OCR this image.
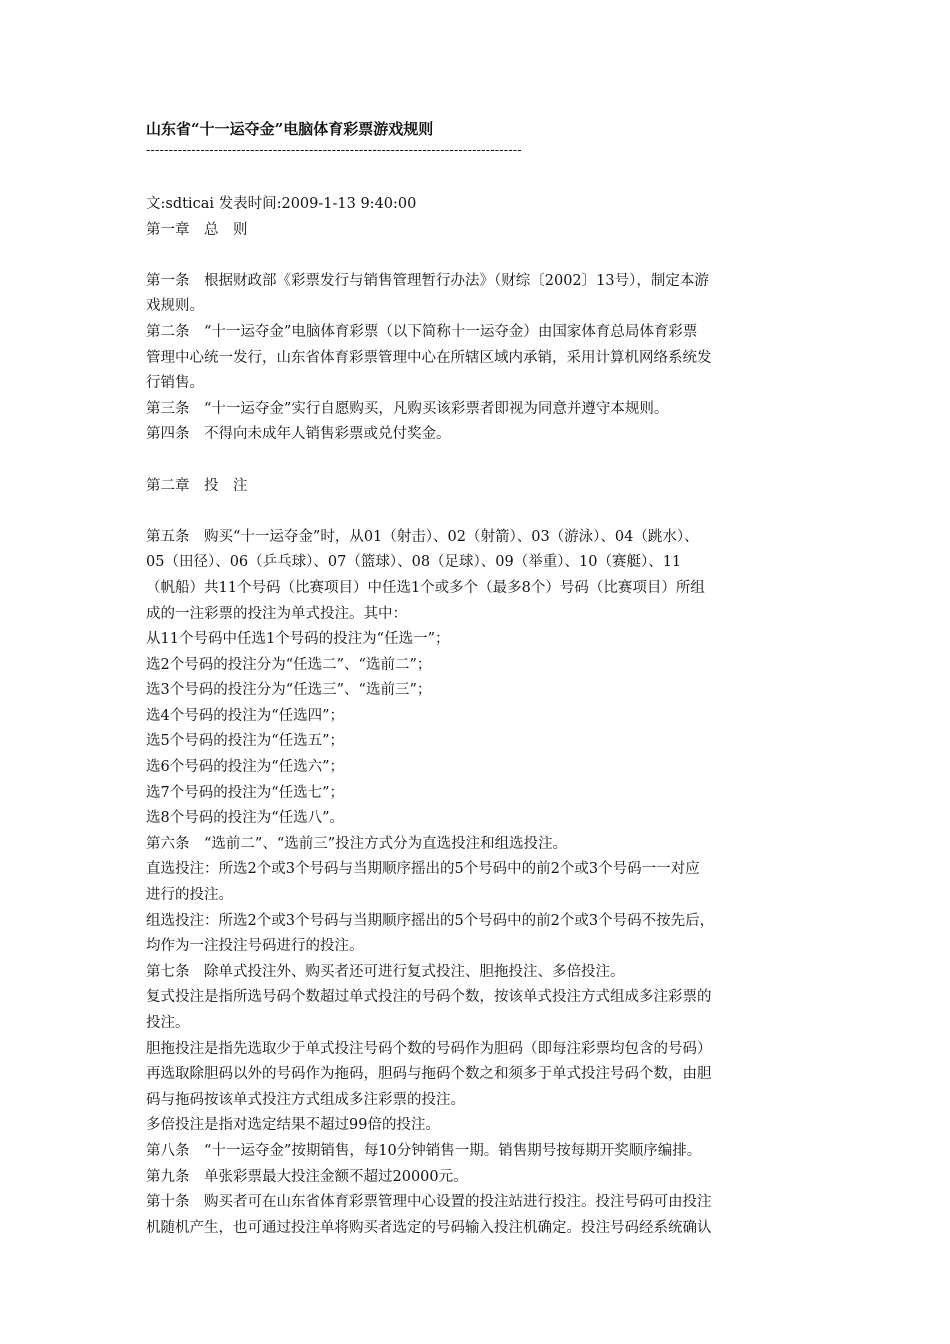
山东省“十一运夺金”电脑体育彩票游戏规则

-----------------------------------------------------------------------------------

文:sdticai 发表时间:2009-1-13 9:40:00

第一章　总　则

第一条　根据财政部《彩票发行与销售管理暂行办法》（财综〔2002〕13号），制定本游

戏规则。

第二条　“十一运夺金”电脑体育彩票（以下简称十一运夺金）由国家体育总局体育彩票

管理中心统一发行，山东省体育彩票管理中心在所辖区域内承销，采用计算机网络系统发

行销售。

第三条　“十一运夺金”实行自愿购买，凡购买该彩票者即视为同意并遵守本规则。

第四条　不得向未成年人销售彩票或兑付奖金。

第二章　投　注

第五条　购买“十一运夺金”时，从01（射击）、02（射箭）、03（游泳）、04（跳水）、

05（田径）、06（乒乓球）、07（篮球）、08（足球）、09（举重）、10（赛艇）、11

（帆船）共11个号码（比赛项目）中任选1个或多个（最多8个）号码（比赛项目）所组

成的一注彩票的投注为单式投注。其中：

从11个号码中任选1个号码的投注为“任选一”；

选2个号码的投注分为“任选二”、“选前二”；

选3个号码的投注分为“任选三”、“选前三”；

选4个号码的投注为“任选四”；

选5个号码的投注为“任选五”；

选6个号码的投注为“任选六”；

选7个号码的投注为“任选七”；

选8个号码的投注为“任选八”。

第六条　“选前二”、“选前三”投注方式分为直选投注和组选投注。

直选投注：所选2个或3个号码与当期顺序摇出的5个号码中的前2个或3个号码一一对应

进行的投注。

组选投注：所选2个或3个号码与当期顺序摇出的5个号码中的前2个或3个号码不按先后，

均作为一注投注号码进行的投注。

第七条　除单式投注外、购买者还可进行复式投注、胆拖投注、多倍投注。

复式投注是指所选号码个数超过单式投注的号码个数，按该单式投注方式组成多注彩票的

投注。

胆拖投注是指先选取少于单式投注号码个数的号码作为胆码（即每注彩票均包含的号码）

再选取除胆码以外的号码作为拖码，胆码与拖码个数之和须多于单式投注号码个数，由胆

码与拖码按该单式投注方式组成多注彩票的投注。

多倍投注是指对选定结果不超过99倍的投注。

第八条　“十一运夺金”按期销售，每10分钟销售一期。销售期号按每期开奖顺序编排。

第九条　单张彩票最大投注金额不超过20000元。

第十条　购买者可在山东省体育彩票管理中心设置的投注站进行投注。投注号码可由投注

机随机产生，也可通过投注单将购买者选定的号码输入投注机确定。投注号码经系统确认
